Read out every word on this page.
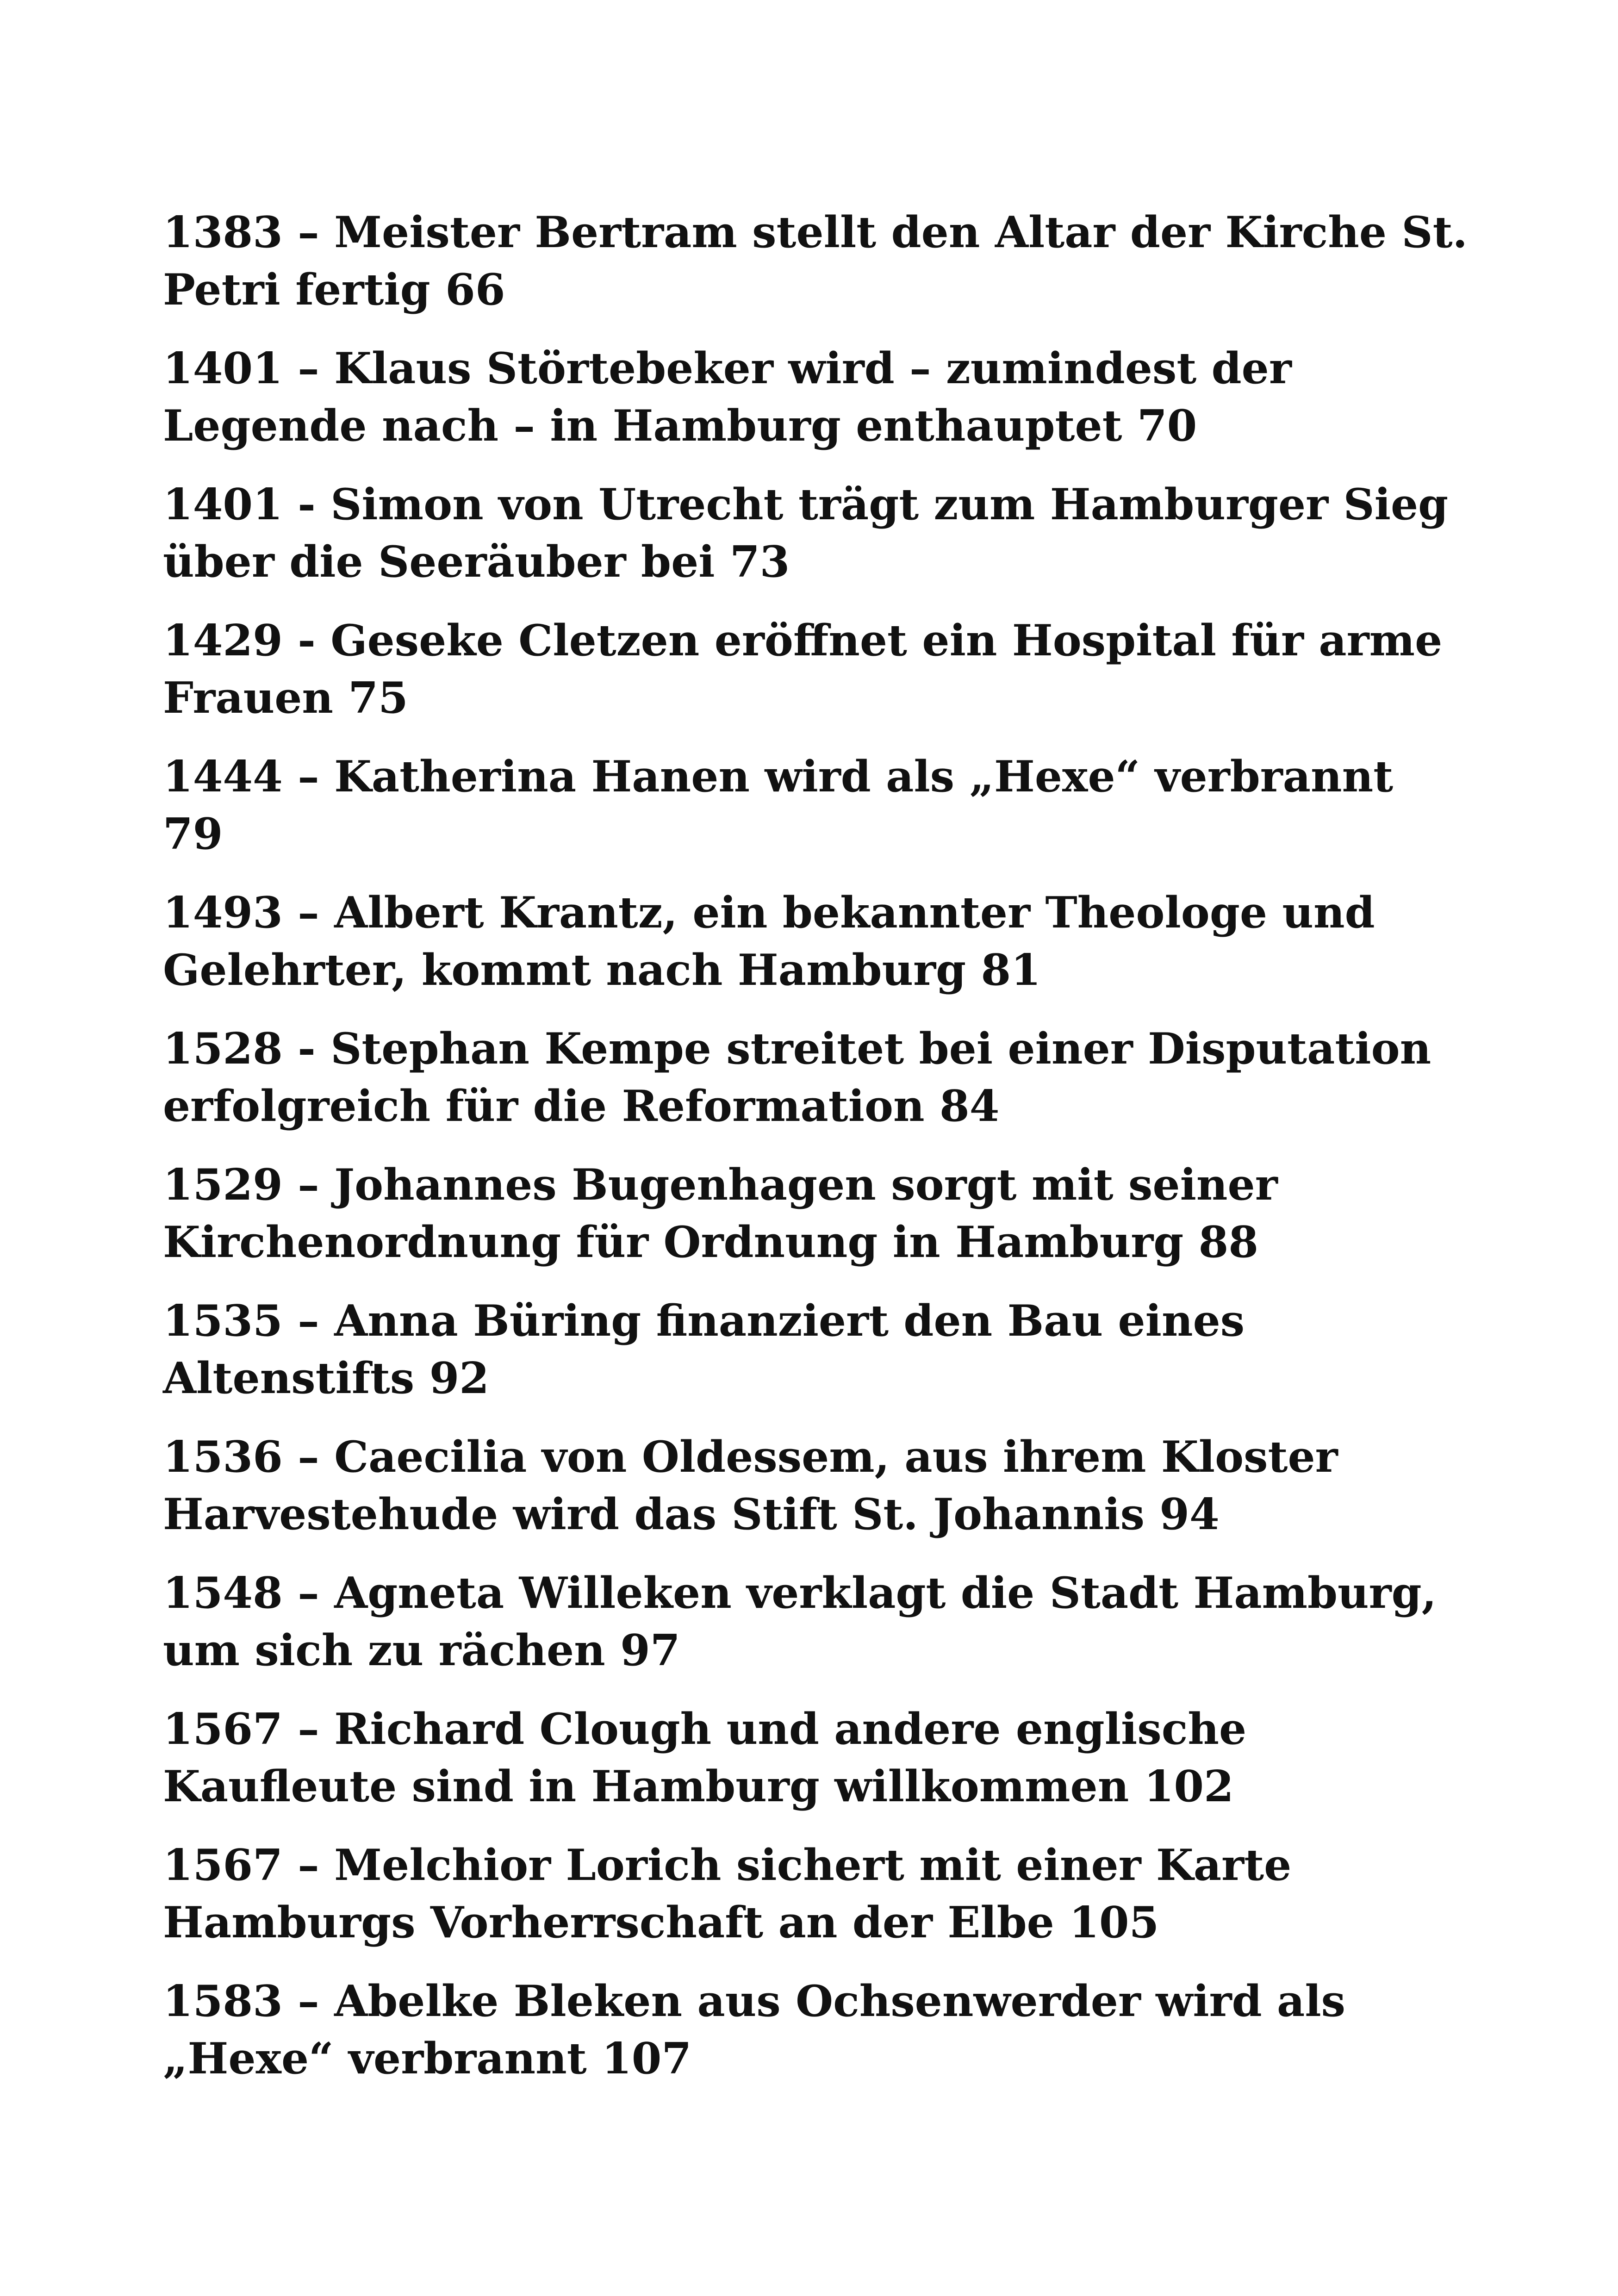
1383 – Meister Bertram stellt den Altar der Kirche St. Petri fertig 66

1401 – Klaus Störtebeker wird – zumindest der Legende nach – in Hamburg enthauptet 70

1401 - Simon von Utrecht trägt zum Hamburger Sieg über die Seeräuber bei 73

1429 - Geseke Cletzen eröffnet ein Hospital für arme Frauen 75

1444 – Katherina Hanen wird als „Hexe“ verbrannt 79

1493 – Albert Krantz, ein bekannter Theologe und Gelehrter, kommt nach Hamburg 81

1528 - Stephan Kempe streitet bei einer Disputation erfolgreich für die Reformation 84

1529 – Johannes Bugenhagen sorgt mit seiner Kirchenordnung für Ordnung in Hamburg 88

1535 – Anna Büring finanziert den Bau eines Altenstifts 92

1536 – Caecilia von Oldessem, aus ihrem Kloster Harvestehude wird das Stift St. Johannis 94

1548 – Agneta Willeken verklagt die Stadt Hamburg, um sich zu rächen 97

1567 – Richard Clough und andere englische Kaufleute sind in Hamburg willkommen 102

1567 – Melchior Lorich sichert mit einer Karte Hamburgs Vorherrschaft an der Elbe 105

1583 – Abelke Bleken aus Ochsenwerder wird als „Hexe“ verbrannt 107
